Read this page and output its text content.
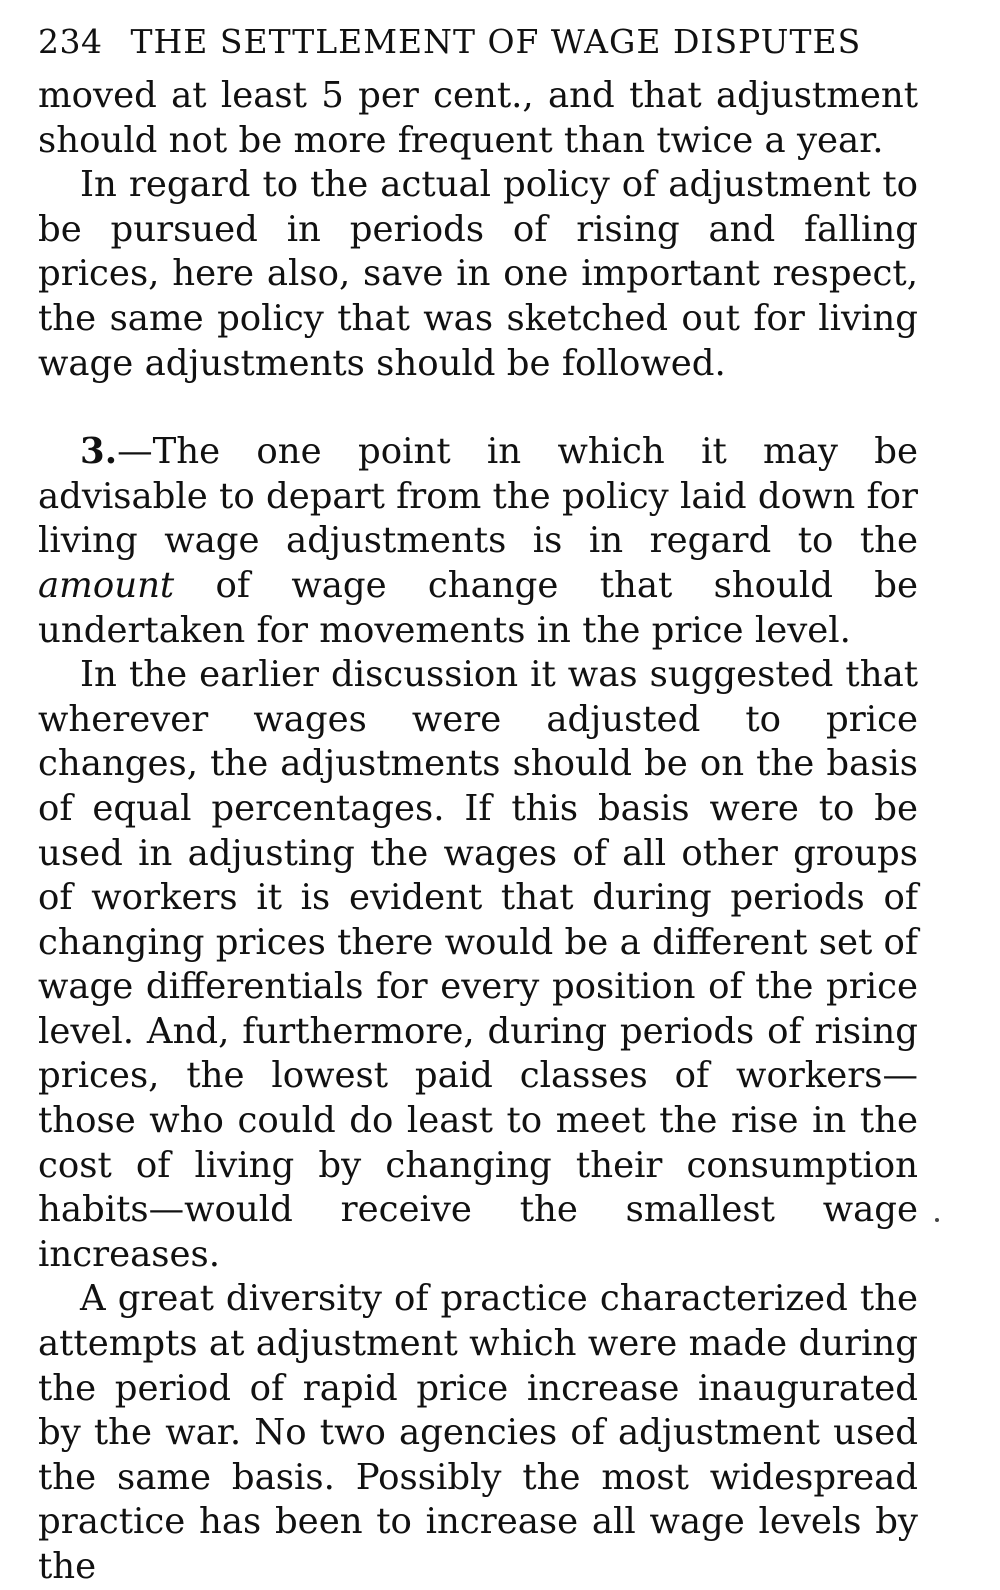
234 THE SETTLEMENT OF WAGE DISPUTES

moved at least 5 per cent., and that adjustment should not be more frequent than twice a year.

In regard to the actual policy of adjustment to be pursued in periods of rising and falling prices, here also, save in one important respect, the same policy that was sketched out for living wage adjustments should be followed.

3.—The one point in which it may be advisable to depart from the policy laid down for living wage adjustments is in regard to the amount of wage change that should be undertaken for movements in the price level.

In the earlier discussion it was suggested that wherever wages were adjusted to price changes, the adjustments should be on the basis of equal percentages. If this basis were to be used in adjusting the wages of all other groups of workers it is evident that during periods of changing prices there would be a different set of wage differentials for every position of the price level. And, furthermore, during periods of rising prices, the lowest paid classes of workers—those who could do least to meet the rise in the cost of living by changing their consumption habits—would receive the smallest wage increases.

A great diversity of practice characterized the attempts at adjustment which were made during the period of rapid price increase inaugurated by the war. No two agencies of adjustment used the same basis. Possibly the most widespread practice has been to increase all wage levels by the
